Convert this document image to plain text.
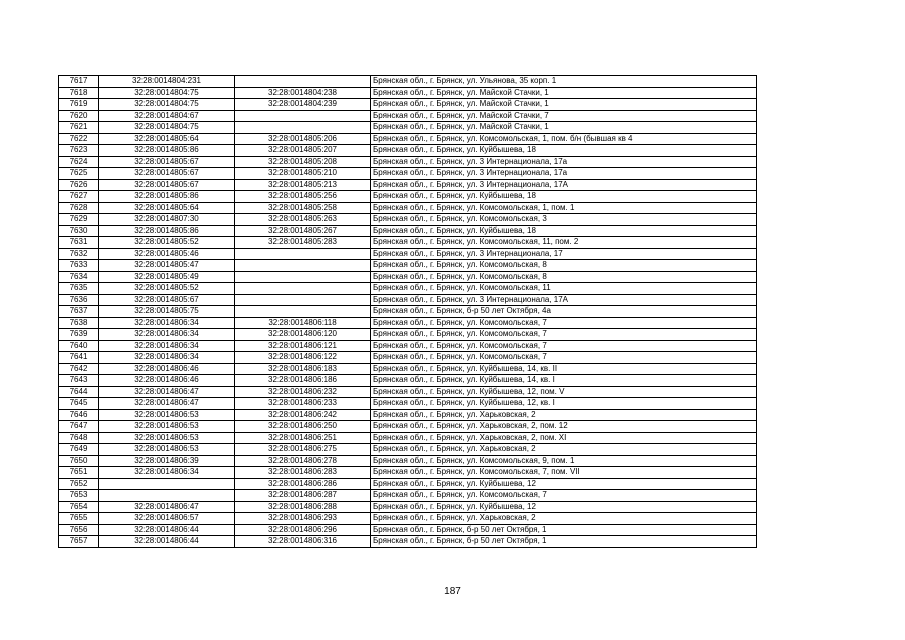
7617	32:28:0014804:231		Брянская обл., г. Брянск, ул. Ульянова, 35 корп. 1
7618	32:28:0014804:75	32:28:0014804:238	Брянская обл., г. Брянск, ул. Майской Стачки, 1
7619	32:28:0014804:75	32:28:0014804:239	Брянская обл., г. Брянск, ул. Майской Стачки, 1
7620	32:28:0014804:67		Брянская обл., г. Брянск, ул. Майской Стачки, 7
7621	32:28:0014804:75		Брянская обл., г. Брянск, ул. Майской Стачки, 1
7622	32:28:0014805:64	32:28:0014805:206	Брянская обл., г. Брянск, ул. Комсомольская, 1, пом. б/н (бывшая кв 4
7623	32:28:0014805:86	32:28:0014805:207	Брянская обл., г. Брянск, ул. Куйбышева, 18
7624	32:28:0014805:67	32:28:0014805:208	Брянская обл., г. Брянск, ул. 3 Интернационала, 17а
7625	32:28:0014805:67	32:28:0014805:210	Брянская обл., г. Брянск, ул. 3 Интернационала, 17а
7626	32:28:0014805:67	32:28:0014805:213	Брянская обл., г. Брянск, ул. 3 Интернационала, 17А
7627	32:28:0014805:86	32:28:0014805:256	Брянская обл., г. Брянск, ул. Куйбышева, 18
7628	32:28:0014805:64	32:28:0014805:258	Брянская обл., г. Брянск, ул. Комсомольская, 1, пом. 1
7629	32:28:0014807:30	32:28:0014805:263	Брянская обл., г. Брянск, ул. Комсомольская, 3
7630	32:28:0014805:86	32:28:0014805:267	Брянская обл., г. Брянск, ул. Куйбышева, 18
7631	32:28:0014805:52	32:28:0014805:283	Брянская обл., г. Брянск, ул. Комсомольская, 11, пом. 2
7632	32:28:0014805:46		Брянская обл., г. Брянск, ул. 3 Интернационала, 17
7633	32:28:0014805:47		Брянская обл., г. Брянск, ул. Комсомольская, 8
7634	32:28:0014805:49		Брянская обл., г. Брянск, ул. Комсомольская, 8
7635	32:28:0014805:52		Брянская обл., г. Брянск, ул. Комсомольская, 11
7636	32:28:0014805:67		Брянская обл., г. Брянск, ул. 3 Интернационала, 17А
7637	32:28:0014805:75		Брянская обл., г. Брянск, б-р 50 лет Октября, 4а
7638	32:28:0014806:34	32:28:0014806:118	Брянская обл., г. Брянск, ул. Комсомольская, 7
7639	32:28:0014806:34	32:28:0014806:120	Брянская обл., г. Брянск, ул. Комсомольская, 7
7640	32:28:0014806:34	32:28:0014806:121	Брянская обл., г. Брянск, ул. Комсомольская, 7
7641	32:28:0014806:34	32:28:0014806:122	Брянская обл., г. Брянск, ул. Комсомольская, 7
7642	32:28:0014806:46	32:28:0014806:183	Брянская обл., г. Брянск, ул. Куйбышева, 14, кв. II
7643	32:28:0014806:46	32:28:0014806:186	Брянская обл., г. Брянск, ул. Куйбышева, 14, кв. I
7644	32:28:0014806:47	32:28:0014806:232	Брянская обл., г. Брянск, ул. Куйбышева, 12, пом. V
7645	32:28:0014806:47	32:28:0014806:233	Брянская обл., г. Брянск, ул. Куйбышева, 12, кв. I
7646	32:28:0014806:53	32:28:0014806:242	Брянская обл., г. Брянск, ул. Харьковская, 2
7647	32:28:0014806:53	32:28:0014806:250	Брянская обл., г. Брянск, ул. Харьковская, 2, пом. 12
7648	32:28:0014806:53	32:28:0014806:251	Брянская обл., г. Брянск, ул. Харьковская, 2, пом. XI
7649	32:28:0014806:53	32:28:0014806:275	Брянская обл., г. Брянск, ул. Харьковская, 2
7650	32:28:0014806:39	32:28:0014806:278	Брянская обл., г. Брянск, ул. Комсомольская, 9, пом. 1
7651	32:28:0014806:34	32:28:0014806:283	Брянская обл., г. Брянск, ул. Комсомольская, 7, пом. VII
7652		32:28:0014806:286	Брянская обл., г. Брянск, ул. Куйбышева, 12
7653		32:28:0014806:287	Брянская обл., г. Брянск, ул. Комсомольская, 7
7654	32:28:0014806:47	32:28:0014806:288	Брянская обл., г. Брянск, ул. Куйбышева, 12
7655	32:28:0014806:57	32:28:0014806:293	Брянская обл., г. Брянск, ул. Харьковская, 2
7656	32:28:0014806:44	32:28:0014806:296	Брянская обл., г. Брянск, б-р 50 лет Октября, 1
7657	32:28:0014806:44	32:28:0014806:316	Брянская обл., г. Брянск, б-р 50 лет Октября, 1
187
